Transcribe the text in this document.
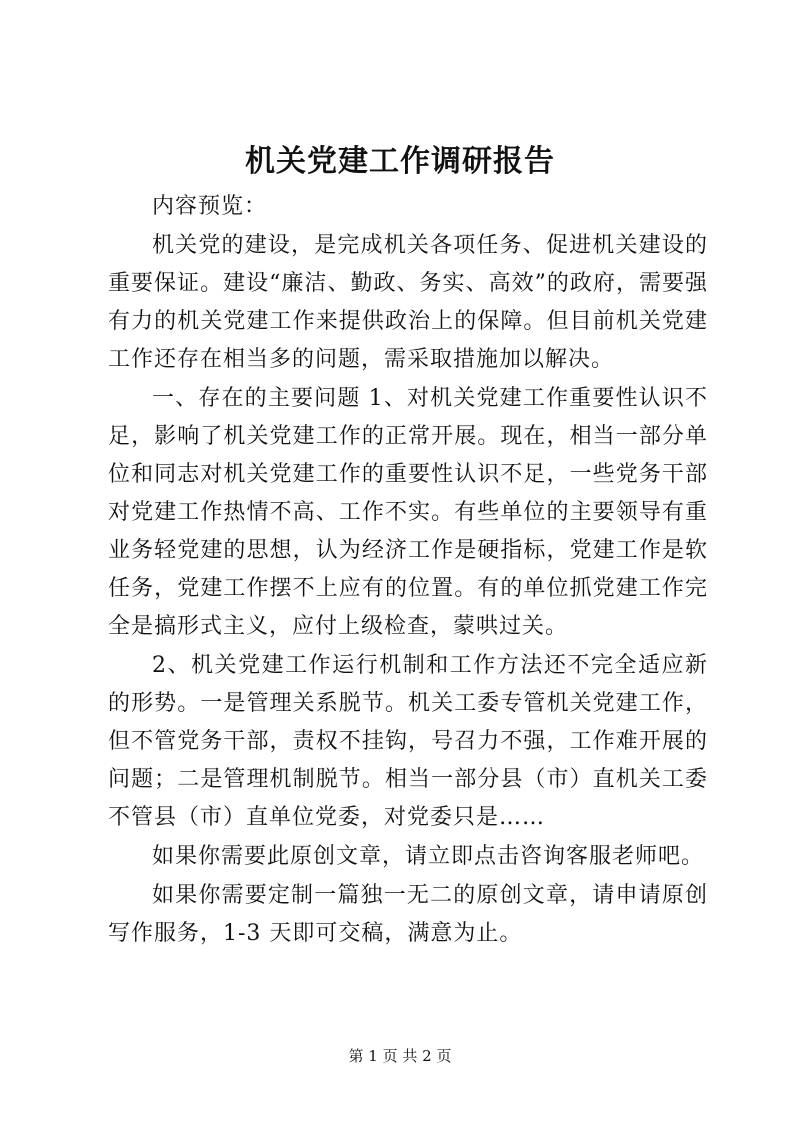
机关党建工作调研报告

内容预览：

机关党的建设，是完成机关各项任务、促进机关建设的重要保证。建设“廉洁、勤政、务实、高效”的政府，需要强有力的机关党建工作来提供政治上的保障。但目前机关党建工作还存在相当多的问题，需采取措施加以解决。

一、存在的主要问题 1、对机关党建工作重要性认识不足，影响了机关党建工作的正常开展。现在，相当一部分单位和同志对机关党建工作的重要性认识不足，一些党务干部对党建工作热情不高、工作不实。有些单位的主要领导有重业务轻党建的思想，认为经济工作是硬指标，党建工作是软任务，党建工作摆不上应有的位置。有的单位抓党建工作完全是搞形式主义，应付上级检查，蒙哄过关。

2、机关党建工作运行机制和工作方法还不完全适应新的形势。一是管理关系脱节。机关工委专管机关党建工作，但不管党务干部，责权不挂钩，号召力不强，工作难开展的问题；二是管理机制脱节。相当一部分县（市）直机关工委不管县（市）直单位党委，对党委只是……

如果你需要此原创文章，请立即点击咨询客服老师吧。

如果你需要定制一篇独一无二的原创文章，请申请原创写作服务，1-3 天即可交稿，满意为止。

第 1 页 共 2 页
